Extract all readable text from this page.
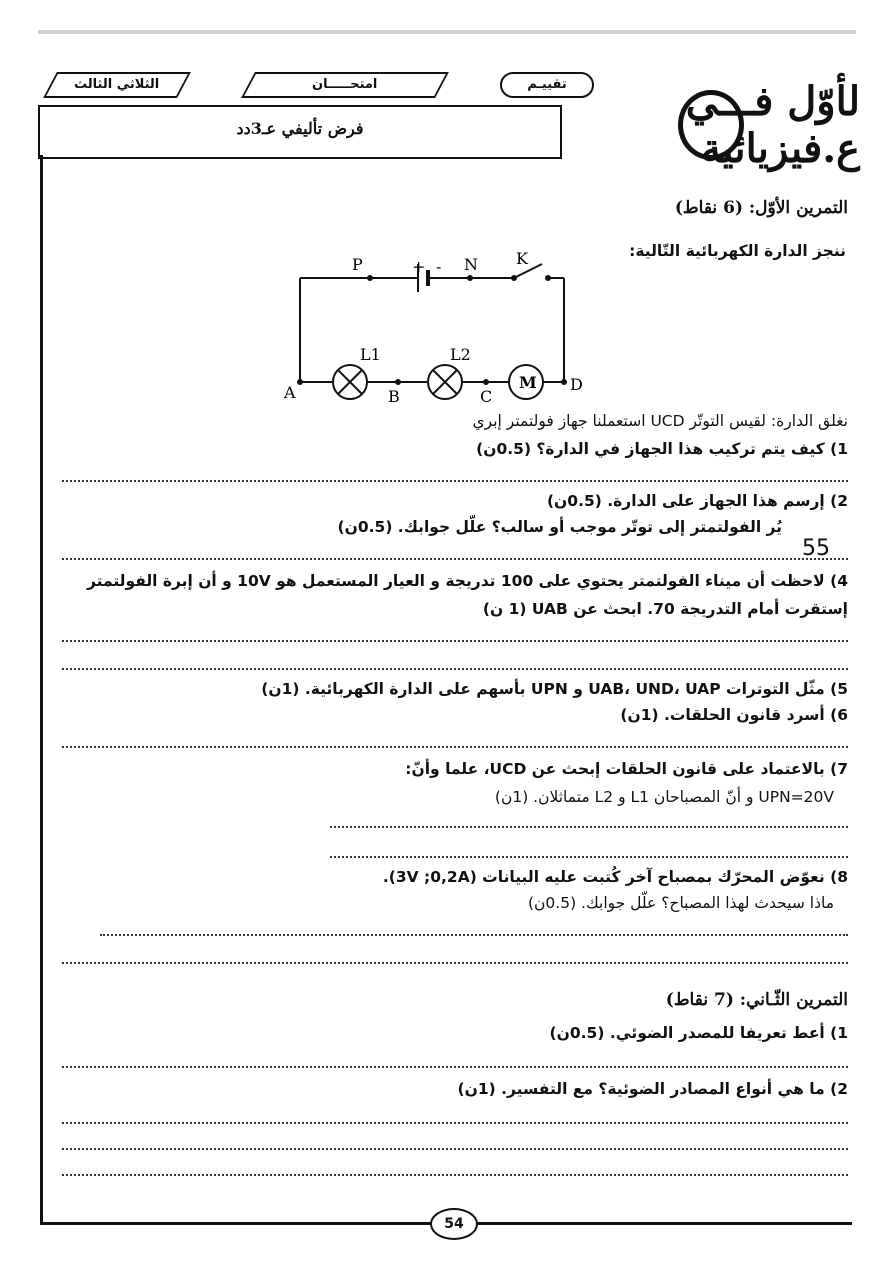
الثلاثي الثالث	امتحـــــان	تقييـم	لأوّل فـــي ع.فيزيائية
فرض تأليفي عـ3دد
التمرين الأوّل: (6 نقاط)
ننجز الدارة الكهربائية التّالية:
P	+ - N K
A
L1
B
L2
C
M D
نغلق الدارة: لقيس التوتّر UCD استعملنا جهاز فولتمتر إبري
1) كيف يتم تركيب هذا الجهاز في الدارة؟ (0.5ن)
2) إرسم هذا الجهاز على الدارة. (0.5ن)
يُر الفولتمتر إلى توتّر موجب أو سالب؟ علّل جوابك. (0.5ن)
55
4) لاحظت أن ميناء الفولتمتر يحتوي على 100 تدريجة و العيار المستعمل هو 10V و أن إبرة الفولتمتر
إستقرت أمام التدريجة 70. ابحث عن UAB (1 ن)
5) مثّل التوترات UAB، UND، UAP و UPN بأسهم على الدارة الكهربائية. (1ن)
6) أسرد قانون الحلقات. (1ن)
7) بالاعتماد على قانون الحلقات إبحث عن UCD، علما وأنّ:
UPN=20V و أنّ المصباحان L1 و L2 متماثلان. (1ن)
8) نعوّض المحرّك بمصباح آخر كُتبت عليه البيانات (3V ;0,2A).
ماذا سيحدث لهذا المصباح؟ علّل جوابك. (0.5ن)
التمرين الثّـاني: (7 نقاط)
1) أعط تعريفا للمصدر الضوئي. (0.5ن)
2) ما هي أنواع المصادر الضوئية؟ مع التفسير. (1ن)
54
